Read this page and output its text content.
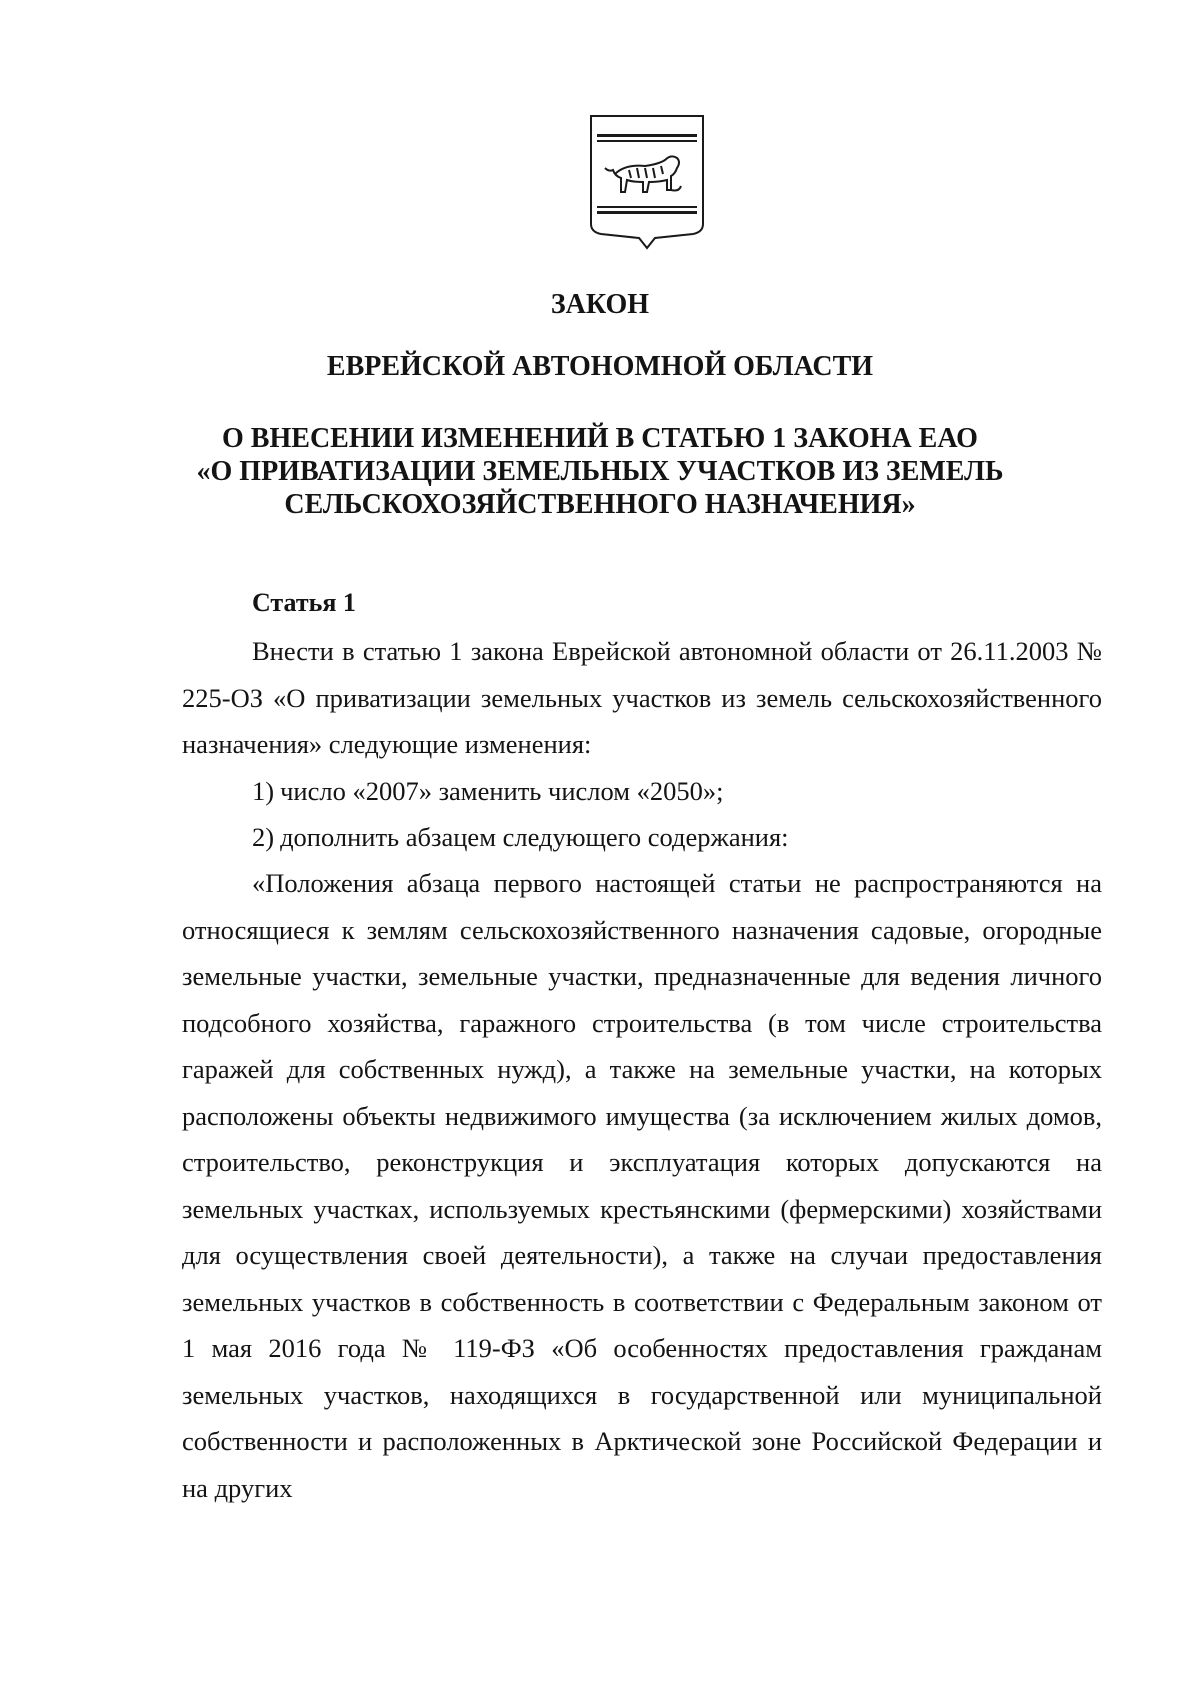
ЗАКОН
ЕВРЕЙСКОЙ АВТОНОМНОЙ ОБЛАСТИ
О ВНЕСЕНИИ ИЗМЕНЕНИЙ В СТАТЬЮ 1 ЗАКОНА ЕАО
«О ПРИВАТИЗАЦИИ ЗЕМЕЛЬНЫХ УЧАСТКОВ ИЗ ЗЕМЕЛЬ
СЕЛЬСКОХОЗЯЙСТВЕННОГО НАЗНАЧЕНИЯ»
Статья 1

Внести в статью 1 закона Еврейской автономной области от 26.11.2003 № 225-ОЗ «О приватизации земельных участков из земель сельскохозяйственного назначения» следующие изменения:

1) число «2007» заменить числом «2050»;

2) дополнить абзацем следующего содержания:

«Положения абзаца первого настоящей статьи не распространяются на относящиеся к землям сельскохозяйственного назначения садовые, огородные земельные участки, земельные участки, предназначенные для ведения личного подсобного хозяйства, гаражного строительства (в том числе строительства гаражей для собственных нужд), а также на земельные участки, на которых расположены объекты недвижимого имущества (за исключением жилых домов, строительство, реконструкция и эксплуатация которых допускаются на земельных участках, используемых крестьянскими (фермерскими) хозяйствами для осуществления своей деятельности), а также на случаи предоставления земельных участков в собственность в соответствии с Федеральным законом от 1 мая 2016 года № 119-ФЗ «Об особенностях предоставления гражданам земельных участков, находящихся в государственной или муниципальной собственности и расположенных в Арктической зоне Российской Федерации и на других
